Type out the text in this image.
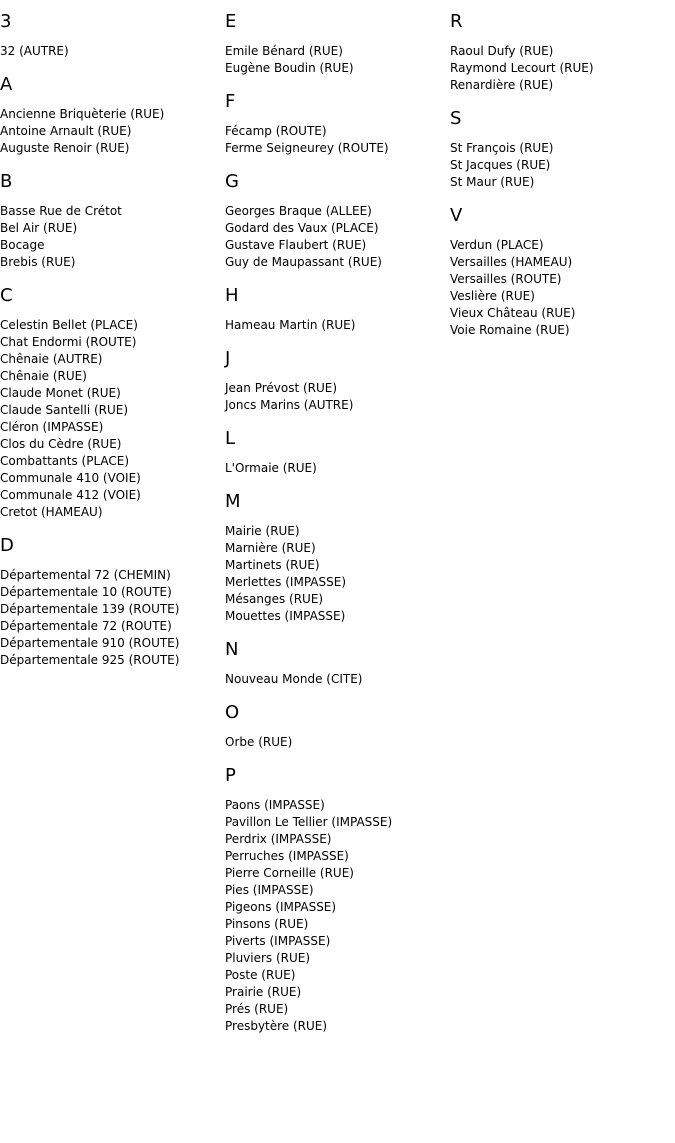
3
32 (AUTRE)
A
Ancienne Briquèterie (RUE)
Antoine Arnault (RUE)
Auguste Renoir (RUE)
B
Basse Rue de Crétot
Bel Air (RUE)
Bocage
Brebis (RUE)
C
Celestin Bellet (PLACE)
Chat Endormi (ROUTE)
Chênaie (AUTRE)
Chênaie (RUE)
Claude Monet (RUE)
Claude Santelli (RUE)
Cléron (IMPASSE)
Clos du Cèdre (RUE)
Combattants (PLACE)
Communale 410 (VOIE)
Communale 412 (VOIE)
Cretot (HAMEAU)
D
Départemental 72 (CHEMIN)
Départementale 10 (ROUTE)
Départementale 139 (ROUTE)
Départementale 72 (ROUTE)
Départementale 910 (ROUTE)
Départementale 925 (ROUTE)
E
Emile Bénard (RUE)
Eugène Boudin (RUE)
F
Fécamp (ROUTE)
Ferme Seigneurey (ROUTE)
G
Georges Braque (ALLEE)
Godard des Vaux (PLACE)
Gustave Flaubert (RUE)
Guy de Maupassant (RUE)
H
Hameau Martin (RUE)
J
Jean Prévost (RUE)
Joncs Marins (AUTRE)
L
L'Ormaie (RUE)
M
Mairie (RUE)
Marnière (RUE)
Martinets (RUE)
Merlettes (IMPASSE)
Mésanges (RUE)
Mouettes (IMPASSE)
N
Nouveau Monde (CITE)
O
Orbe (RUE)
P
Paons (IMPASSE)
Pavillon Le Tellier (IMPASSE)
Perdrix (IMPASSE)
Perruches (IMPASSE)
Pierre Corneille (RUE)
Pies (IMPASSE)
Pigeons (IMPASSE)
Pinsons (RUE)
Piverts (IMPASSE)
Pluviers (RUE)
Poste (RUE)
Prairie (RUE)
Prés (RUE)
Presbytère (RUE)
R
Raoul Dufy (RUE)
Raymond Lecourt (RUE)
Renardière (RUE)
S
St François (RUE)
St Jacques (RUE)
St Maur (RUE)
V
Verdun (PLACE)
Versailles (HAMEAU)
Versailles (ROUTE)
Veslière (RUE)
Vieux Château (RUE)
Voie Romaine (RUE)
